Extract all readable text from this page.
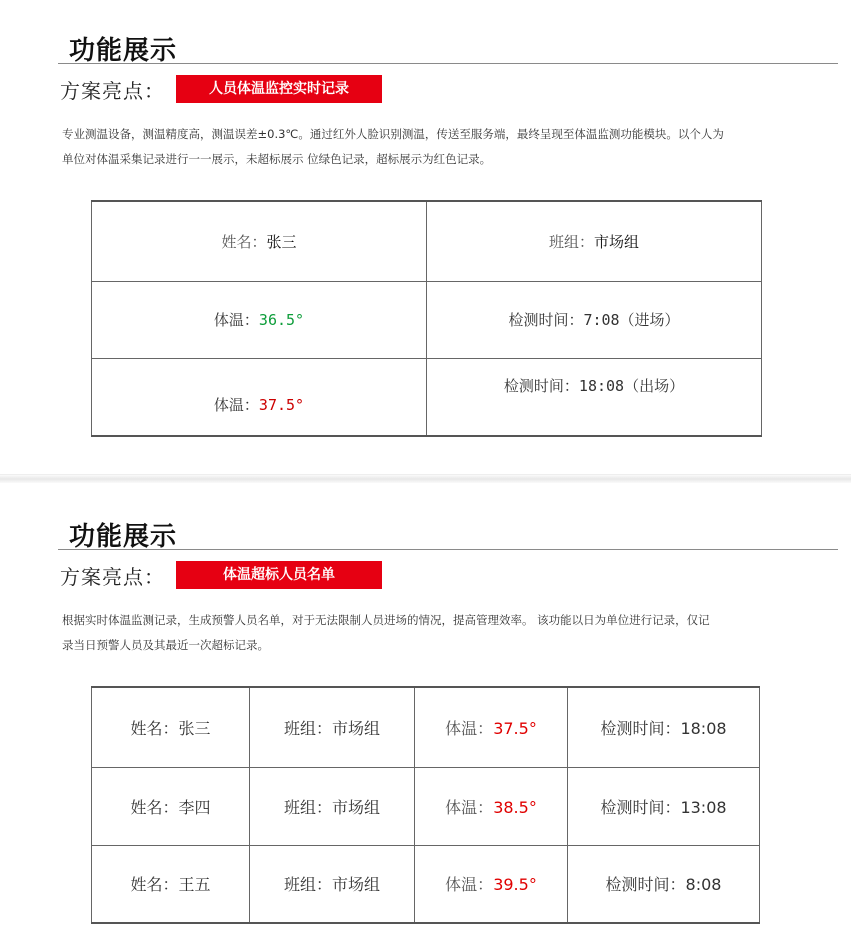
功能展示
方案亮点：	人员体温监控实时记录

专业测温设备，测温精度高，测温误差±0.3℃。通过红外人脸识别测温，传送至服务端，最终呈现至体温监测功能模块。以个人为

单位对体温采集记录进行一一展示，未超标展示 位绿色记录，超标展示为红色记录。

姓名：张三	班组：市场组
体温：36.5°	检测时间：7:08（进场）
体温：37.5°	检测时间：18:08（出场）
功能展示
方案亮点：	体温超标人员名单

根据实时体温监测记录，生成预警人员名单，对于无法限制人员进场的情况，提高管理效率。 该功能以日为单位进行记录，仅记

录当日预警人员及其最近一次超标记录。

姓名：张三	班组：市场组	体温：37.5°	检测时间：18:08
姓名：李四	班组：市场组	体温：38.5°	检测时间：13:08
姓名：王五	班组：市场组	体温：39.5°	检测时间：8:08
